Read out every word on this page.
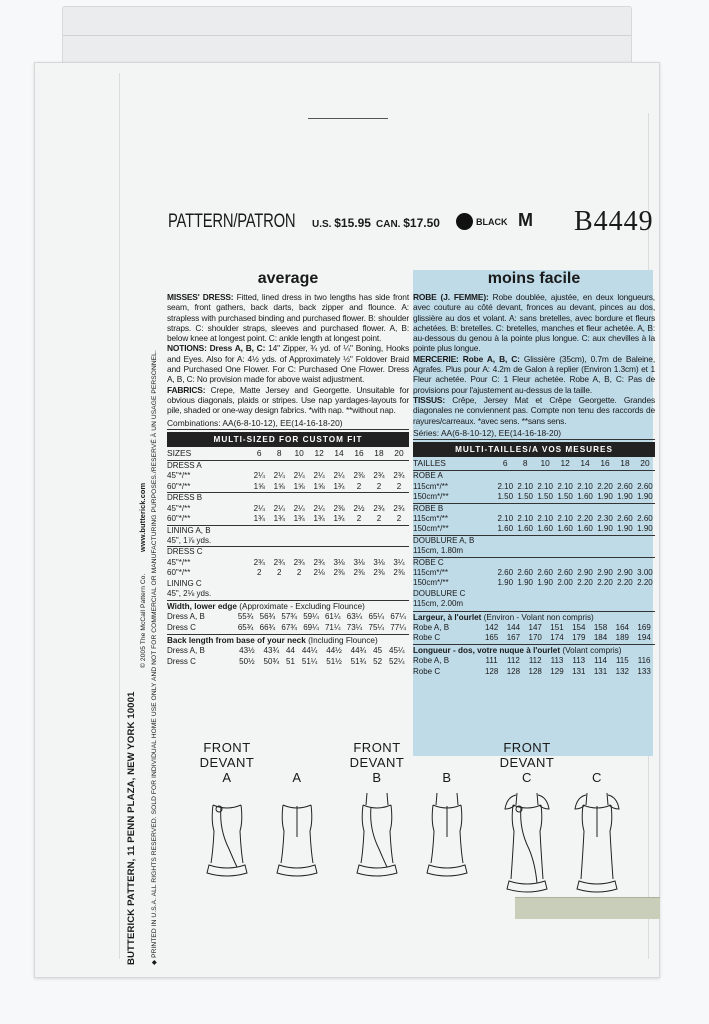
PATTERN/PATRON U.S. $15.95 CAN. $17.50	BLACK M B4449
BUTTERICK PATTERN, 11 PENN PLAZA, NEW YORK 10001 ◆ PRINTED IN U.S.A. ALL RIGHTS RESERVED. SOLD FOR INDIVIDUAL HOME USE ONLY AND NOT FOR COMMERCIAL OR MANUFACTURING PURPOSES./RESERVÉ À UN USAGE PERSONNEL.
© 2005 The McCall Pattern Co.
www.butterick.com
average
MISSES' DRESS: Fitted, lined dress in two lengths has side front seam, front gathers, back darts, back zipper and flounce. A: strapless with purchased binding and purchased flower. B: shoulder straps. C: shoulder straps, sleeves and purchased flower. A, B: below knee at longest point. C: ankle length at longest point.
NOTIONS: Dress A, B, C: 14" Zipper, ¾ yd. of ¼" Boning, Hooks and Eyes. Also for A: 4½ yds. of Approximately ½" Foldover Braid and Purchased One Flower. For C: Purchased One Flower. Dress A, B, C: No provision made for above waist adjustment.
FABRICS: Crepe, Matte Jersey and Georgette. Unsuitable for obvious diagonals, plaids or stripes. Use nap yardages-layouts for pile, shaded or one-way design fabrics. *with nap. **without nap.
Combinations: AA(6-8-10-12), EE(14-16-18-20)
MULTI-SIZED FOR CUSTOM FIT
SIZES	6	8	10	12	14	16	18	20
DRESS A								
45"*/**	2¼	2¼	2¼	2¼	2¼	2⅜	2¾	2¾
60"*/**	1⅝	1⅝	1⅝	1⅝	1¾	2	2	2
DRESS B								
45"*/**	2¼	2¼	2¼	2¼	2⅜	2½	2¾	2¾
60"*/**	1¾	1¾	1¾	1¾	1¾	2	2	2
LINING A, B								
45", 1⅞ yds.								
DRESS C								
45"*/**	2¾	2¾	2¾	2¾	3⅛	3⅛	3⅛	3¼
60"*/**	2	2	2	2⅛	2⅜	2⅜	2⅜	2⅜
LINING C								
45", 2⅛ yds.								
Width, lower edge (Approximate - Excluding Flounce)
Dress A, B	55¾	56¾	57¾	59¼	61¼	63¼	65¼	67¼
Dress C	65¾	66¾	67¾	69¼	71¼	73¼	75¼	77¼
Back length from base of your neck (Including Flounce)
Dress A, B	43½	43¾	44	44¼	44½	44¾	45	45¼
Dress C	50½	50¾	51	51¼	51½	51¾	52	52¼
moins facile
ROBE (J. FEMME): Robe doublée, ajustée, en deux longueurs, avec couture au côté devant, fronces au devant, pinces au dos, glissière au dos et volant. A: sans bretelles, avec bordure et fleurs achetées. B: bretelles. C: bretelles, manches et fleur achetée. A, B: au-dessous du genou à la pointe plus longue. C: aux chevilles à la pointe plus longue.
MERCERIE: Robe A, B, C: Glissière (35cm), 0.7m de Baleine, Agrafes. Plus pour A: 4.2m de Galon à replier (Environ 1.3cm) et 1 Fleur achetée. Pour C: 1 Fleur achetée. Robe A, B, C: Pas de provisions pour l'ajustement au-dessus de la taille.
TISSUS: Crêpe, Jersey Mat et Crêpe Georgette. Grandes diagonales ne conviennent pas. Compte non tenu des raccords de rayures/carreaux. *avec sens. **sans sens.
Séries: AA(6-8-10-12), EE(14-16-18-20)
MULTI-TAILLES/A VOS MESURES
TAILLES	6	8	10	12	14	16	18	20
ROBE A								
115cm*/**	2.10	2.10	2.10	2.10	2.10	2.20	2.60	2.60
150cm*/**	1.50	1.50	1.50	1.50	1.60	1.90	1.90	1.90
ROBE B								
115cm*/**	2.10	2.10	2.10	2.10	2.20	2.30	2.60	2.60
150cm*/**	1.60	1.60	1.60	1.60	1.60	1.90	1.90	1.90
DOUBLURE A, B								
115cm, 1.80m								
ROBE C								
115cm*/**	2.60	2.60	2.60	2.60	2.90	2.90	2.90	3.00
150cm*/**	1.90	1.90	1.90	2.00	2.20	2.20	2.20	2.20
DOUBLURE C								
115cm, 2.00m								
Largeur, à l'ourlet (Environ - Volant non compris)
Robe A, B	142	144	147	151	154	158	164	169
Robe C	165	167	170	174	179	184	189	194
Longueur - dos, votre nuque à l'ourlet (Volant compris)
Robe A, B	111	112	112	113	113	114	115	116
Robe C	128	128	128	129	131	131	132	133
FRONT
DEVANT
A

	A
FRONT
DEVANT
B

	B
FRONT
DEVANT
C

	C
